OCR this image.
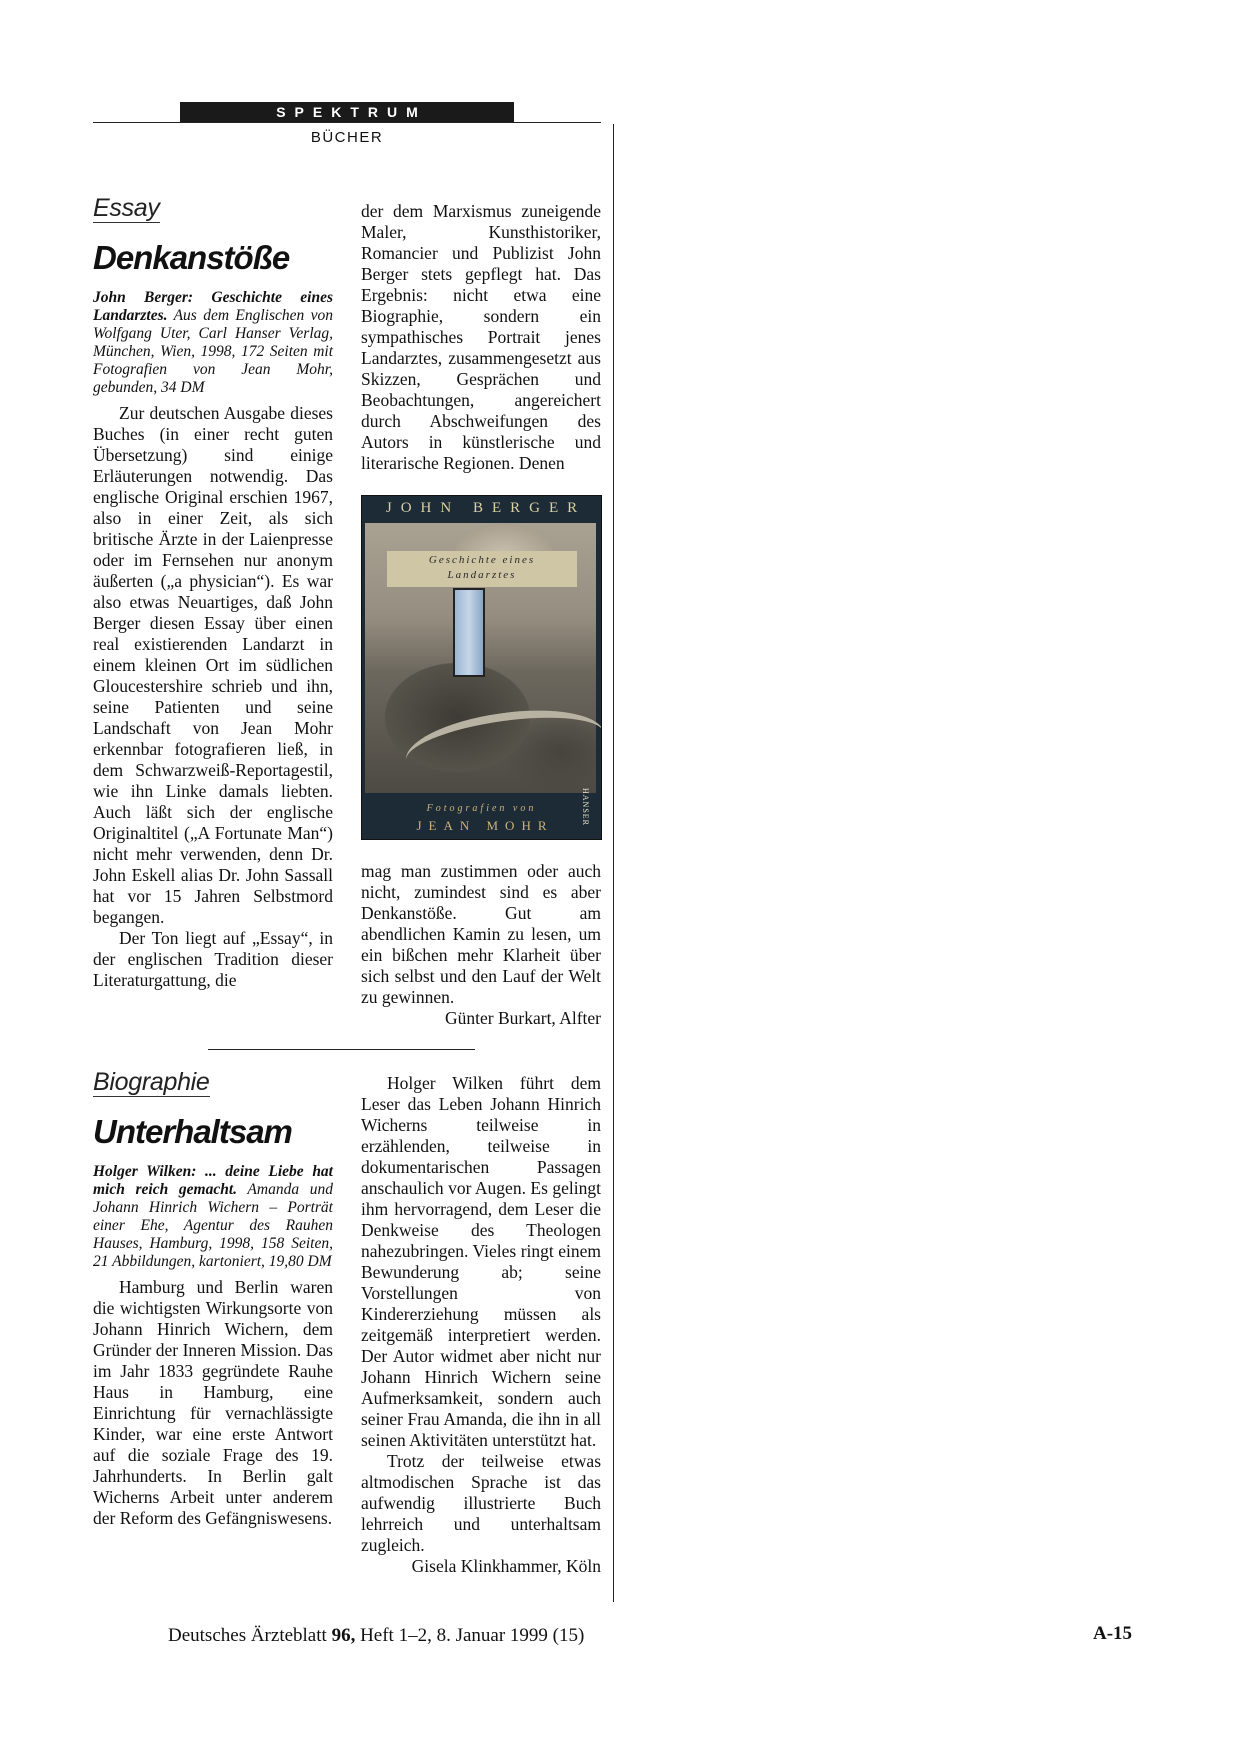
SPEKTRUM
BÜCHER
Essay
Denkanstöße
John Berger: Geschichte eines Landarztes. Aus dem Englischen von Wolfgang Uter, Carl Hanser Verlag, München, Wien, 1998, 172 Seiten mit Fotografien von Jean Mohr, gebunden, 34 DM

Zur deutschen Ausgabe dieses Buches (in einer recht guten Übersetzung) sind einige Erläuterungen notwendig. Das englische Original erschien 1967, also in einer Zeit, als sich britische Ärzte in der Laienpresse oder im Fernsehen nur anonym äußerten („a physician“). Es war also etwas Neuartiges, daß John Berger diesen Essay über einen real existierenden Landarzt in einem kleinen Ort im südlichen Gloucestershire schrieb und ihn, seine Patienten und seine Landschaft von Jean Mohr erkennbar fotografieren ließ, in dem Schwarzweiß-Reportagestil, wie ihn Linke damals liebten. Auch läßt sich der englische Originaltitel („A Fortunate Man“) nicht mehr verwenden, denn Dr. John Eskell alias Dr. John Sassall hat vor 15 Jahren Selbstmord begangen.

Der Ton liegt auf „Essay“, in der englischen Tradition dieser Literaturgattung, die

der dem Marxismus zuneigende Maler, Kunsthistoriker, Romancier und Publizist John Berger stets gepflegt hat. Das Ergebnis: nicht etwa eine Biographie, sondern ein sympathisches Portrait jenes Landarztes, zusammengesetzt aus Skizzen, Gesprächen und Beobachtungen, angereichert durch Abschweifungen des Autors in künstlerische und literarische Regionen. Denen

JOHN BERGER
Geschichte eines
Landarztes
HANSER
Fotografien von
JEAN MOHR

mag man zustimmen oder auch nicht, zumindest sind es aber Denkanstöße. Gut am abendlichen Kamin zu lesen, um ein bißchen mehr Klarheit über sich selbst und den Lauf der Welt zu gewinnen.

Günter Burkart, Alfter

Biographie
Unterhaltsam
Holger Wilken: ... deine Liebe hat mich reich gemacht. Amanda und Johann Hinrich Wichern – Porträt einer Ehe, Agentur des Rauhen Hauses, Hamburg, 1998, 158 Seiten, 21 Abbildungen, kartoniert, 19,80 DM

Hamburg und Berlin waren die wichtigsten Wirkungsorte von Johann Hinrich Wichern, dem Gründer der Inneren Mission. Das im Jahr 1833 gegründete Rauhe Haus in Hamburg, eine Einrichtung für vernachlässigte Kinder, war eine erste Antwort auf die soziale Frage des 19. Jahrhunderts. In Berlin galt Wicherns Arbeit unter anderem der Reform des Gefängniswesens.

Holger Wilken führt dem Leser das Leben Johann Hinrich Wicherns teilweise in erzählenden, teilweise in dokumentarischen Passagen anschaulich vor Augen. Es gelingt ihm hervorragend, dem Leser die Denkweise des Theologen nahezubringen. Vieles ringt einem Bewunderung ab; seine Vorstellungen von Kindererziehung müssen als zeitgemäß interpretiert werden. Der Autor widmet aber nicht nur Johann Hinrich Wichern seine Aufmerksamkeit, sondern auch seiner Frau Amanda, die ihn in all seinen Aktivitäten unterstützt hat.

Trotz der teilweise etwas altmodischen Sprache ist das aufwendig illustrierte Buch lehrreich und unterhaltsam zugleich.

Gisela Klinkhammer, Köln

Deutsches Ärzteblatt 96, Heft 1–2, 8. Januar 1999 (15)	A-15
